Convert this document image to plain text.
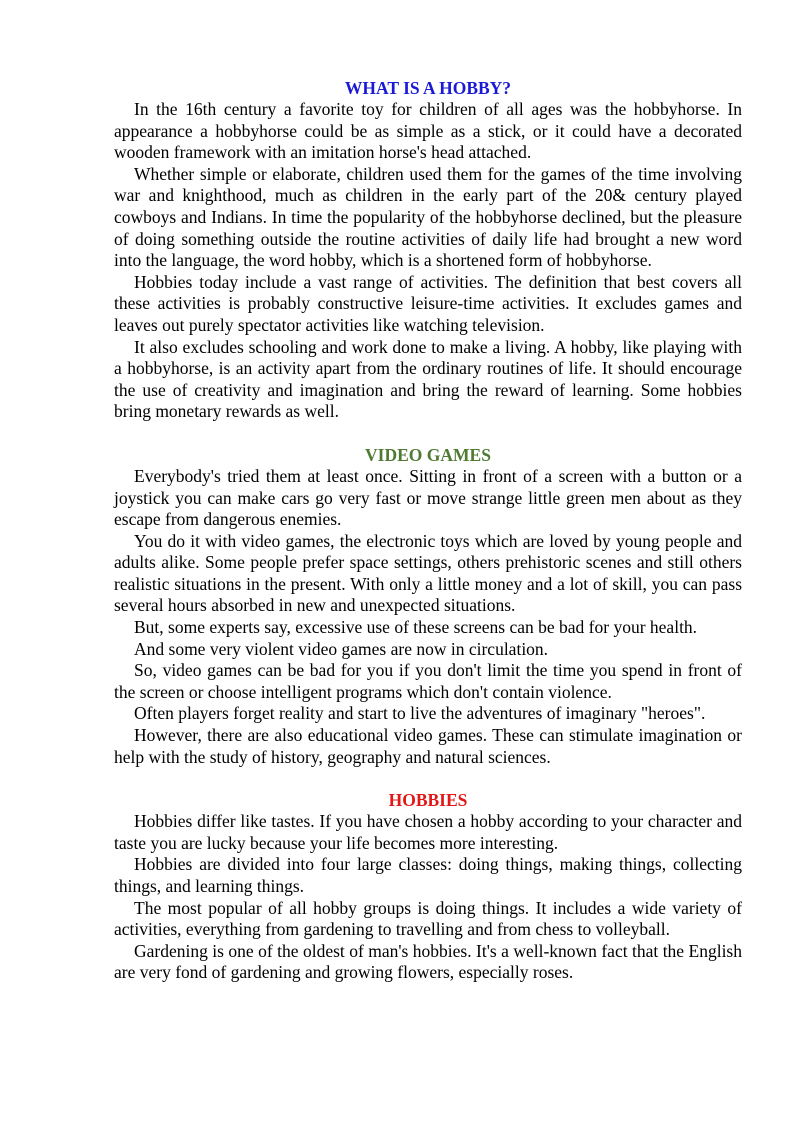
WHAT IS A HOBBY?

In the 16th century a favorite toy for children of all ages was the hobbyhorse. In appearance a hobbyhorse could be as simple as a stick, or it could have a decorated wooden framework with an imitation horse's head attached.

Whether simple or elaborate, children used them for the games of the time involving war and knighthood, much as children in the early part of the 20& century played cowboys and Indians. In time the popularity of the hobbyhorse declined, but the pleasure of doing something outside the routine activities of daily life had brought a new word into the language, the word hobby, which is a shortened form of hobbyhorse.

Hobbies today include a vast range of activities. The definition that best covers all these activities is probably constructive leisure-time activities. It excludes games and leaves out purely spectator activities like watching television.

It also excludes schooling and work done to make a living. A hobby, like playing with a hobbyhorse, is an activity apart from the ordinary routines of life. It should encourage the use of creativity and imagination and bring the reward of learning. Some hobbies bring monetary rewards as well.

VIDEO GAMES

Everybody's tried them at least once. Sitting in front of a screen with a button or a joystick you can make cars go very fast or move strange little green men about as they escape from dangerous enemies.

You do it with video games, the electronic toys which are loved by young people and adults alike. Some people prefer space settings, others prehistoric scenes and still others realistic situations in the present. With only a little money and a lot of skill, you can pass several hours absorbed in new and unexpected situations.

But, some experts say, excessive use of these screens can be bad for your health.

And some very violent video games are now in circulation.

So, video games can be bad for you if you don't limit the time you spend in front of the screen or choose intelligent programs which don't contain violence.

Often players forget reality and start to live the adventures of imaginary "heroes".

However, there are also educational video games. These can stimulate imagination or help with the study of history, geography and natural sciences.

HOBBIES

Hobbies differ like tastes. If you have chosen a hobby according to your character and taste you are lucky because your life becomes more interesting.

Hobbies are divided into four large classes: doing things, making things, collecting things, and learning things.

The most popular of all hobby groups is doing things. It includes a wide variety of activities, everything from gardening to travelling and from chess to volleyball.

Gardening is one of the oldest of man's hobbies. It's a well-known fact that the English are very fond of gardening and growing flowers, especially roses.
